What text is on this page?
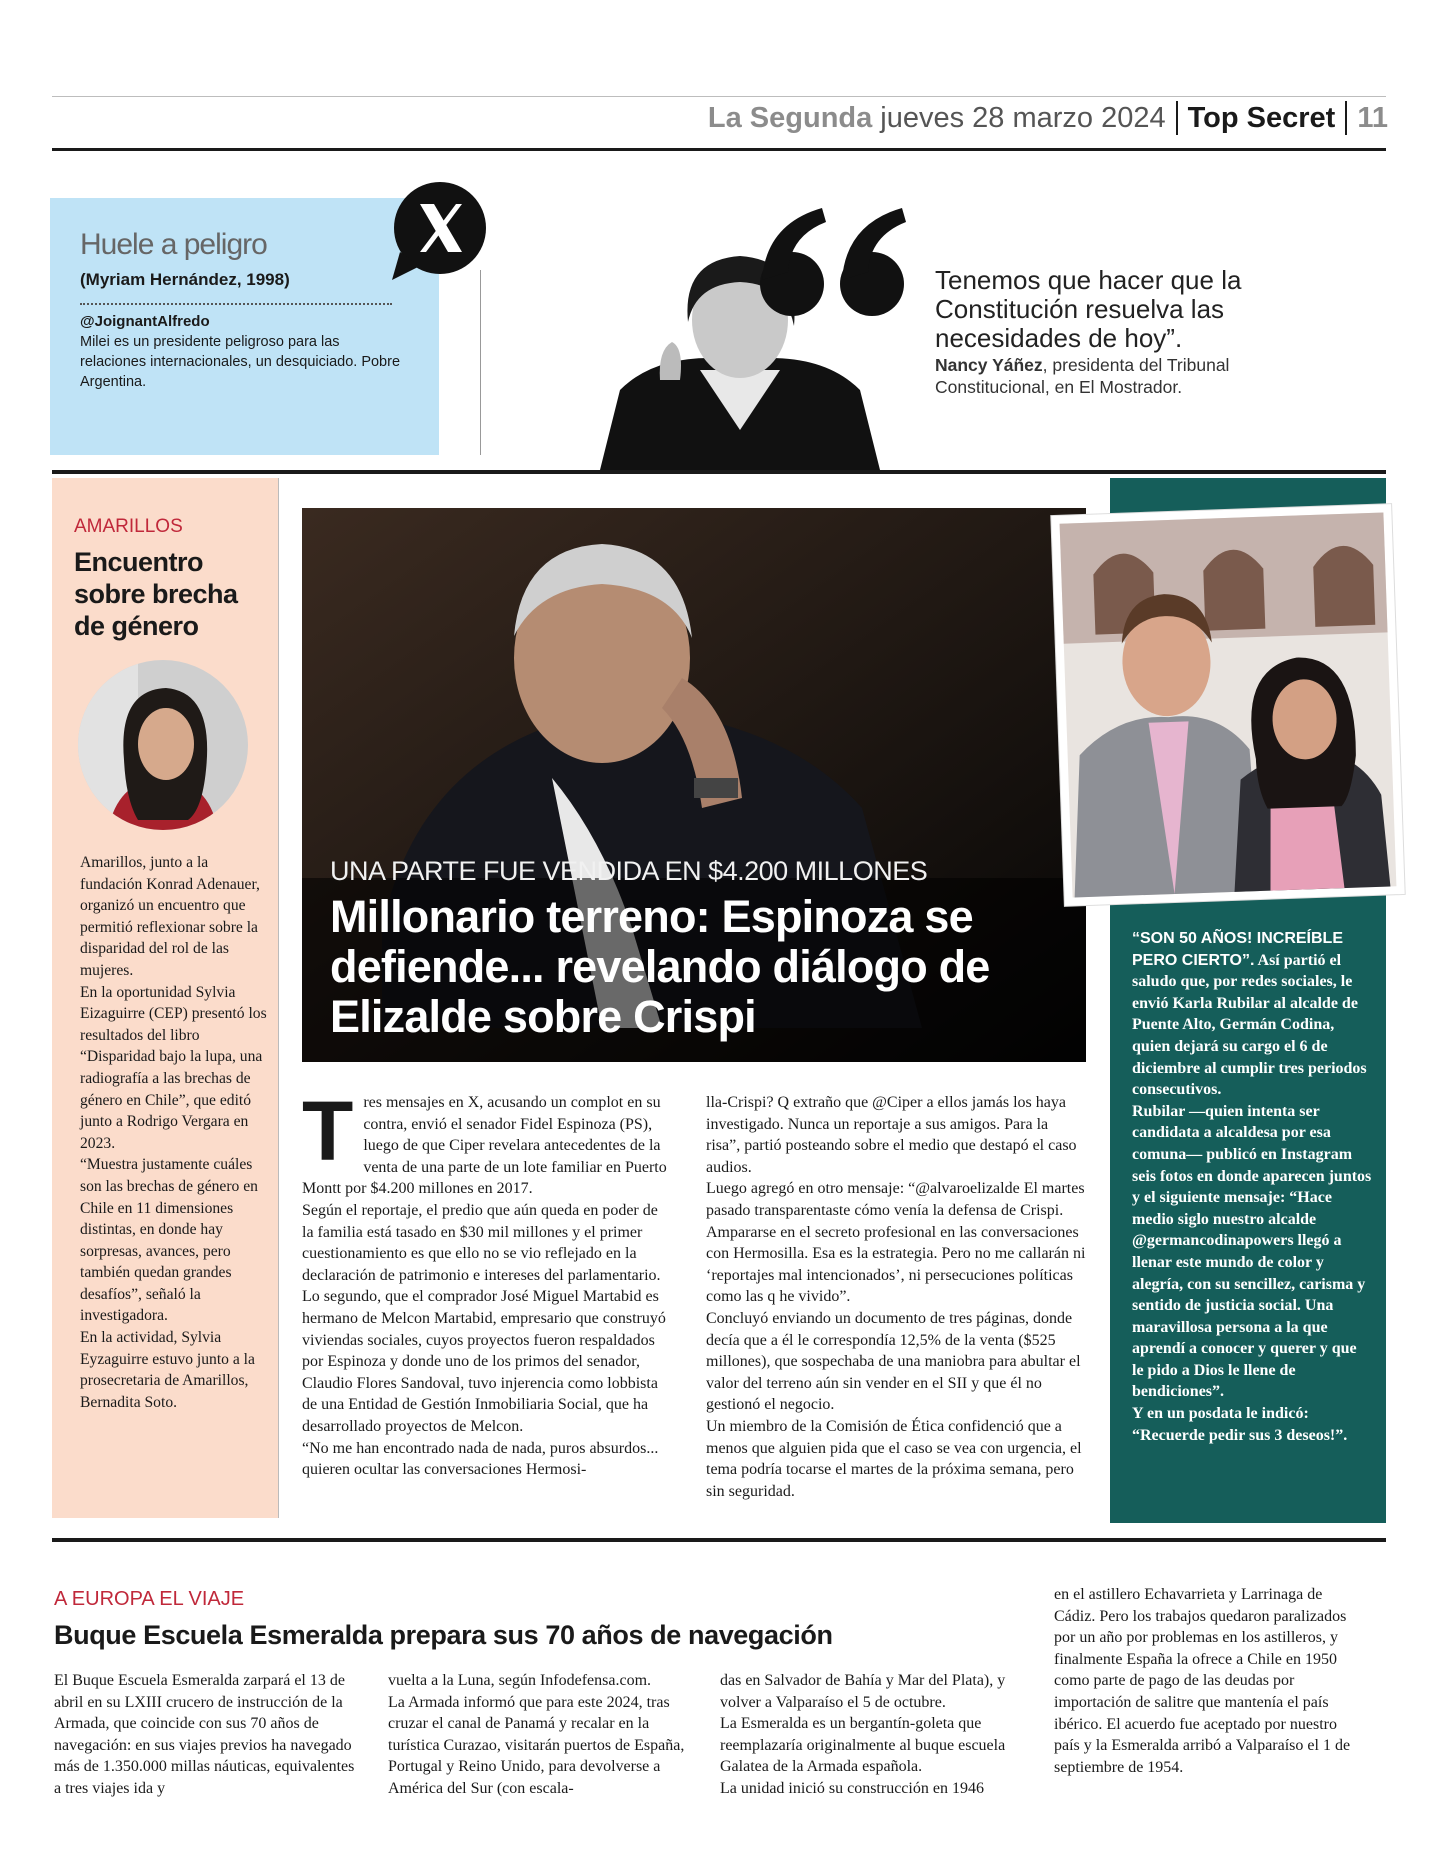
La Segunda jueves 28 marzo 2024 Top Secret 11
Huele a peligro
(Myriam Hernández, 1998)
@JoignantAlfredo
Milei es un presidente peligroso para las relaciones internacionales, un desquiciado. Pobre Argentina.
Tenemos que hacer que la Constitución resuelva las necesidades de hoy”.
Nancy Yáñez, presidenta del Tribunal Constitucional, en El Mostrador.
AMARILLOS
Encuentro sobre brecha de género

Amarillos, junto a la fundación Konrad Adenauer, organizó un encuentro que permitió reflexionar sobre la disparidad del rol de las mujeres.

En la oportunidad Sylvia Eizaguirre (CEP) presentó los resultados del libro “Disparidad bajo la lupa, una radiografía a las brechas de género en Chile”, que editó junto a Rodrigo Vergara en 2023.

“Muestra justamente cuáles son las brechas de género en Chile en 11 dimensiones distintas, en donde hay sorpresas, avances, pero también quedan grandes desafíos”, señaló la investigadora.

En la actividad, Sylvia Eyzaguirre estuvo junto a la prosecretaria de Amarillos, Bernadita Soto.

UNA PARTE FUE VENDIDA EN $4.200 MILLONES
Millonario terreno: Espinoza se defiende... revelando diálogo de Elizalde sobre Crispi
T res mensajes en X, acusando un complot en su contra, envió el senador Fidel Espinoza (PS), luego de que Ciper revelara antecedentes de la venta de una parte de un lote familiar en Puerto Montt por $4.200 millones en 2017.

Según el reportaje, el predio que aún queda en poder de la familia está tasado en $30 mil millones y el primer cuestionamiento es que ello no se vio reflejado en la declaración de patrimonio e intereses del parlamentario. Lo segundo, que el comprador José Miguel Martabid es hermano de Melcon Martabid, empresario que construyó viviendas sociales, cuyos proyectos fueron respaldados por Espinoza y donde uno de los primos del senador, Claudio Flores Sandoval, tuvo injerencia como lobbista de una Entidad de Gestión Inmobiliaria Social, que ha desarrollado proyectos de Melcon.

“No me han encontrado nada de nada, puros absurdos... quieren ocultar las conversaciones Hermosi-

lla-Crispi? Q extraño que @Ciper a ellos jamás los haya investigado. Nunca un reportaje a sus amigos. Para la risa”, partió posteando sobre el medio que destapó el caso audios.

Luego agregó en otro mensaje: “@alvaroelizalde El martes pasado transparentaste cómo venía la defensa de Crispi. Ampararse en el secreto profesional en las conversaciones con Hermosilla. Esa es la estrategia. Pero no me callarán ni ‘reportajes mal intencionados’, ni persecuciones políticas como las q he vivido”.

Concluyó enviando un documento de tres páginas, donde decía que a él le correspondía 12,5% de la venta ($525 millones), que sospechaba de una maniobra para abultar el valor del terreno aún sin vender en el SII y que él no gestionó el negocio.

Un miembro de la Comisión de Ética confidenció que a menos que alguien pida que el caso se vea con urgencia, el tema podría tocarse el martes de la próxima semana, pero sin seguridad.

“SON 50 AÑOS! INCREÍBLE PERO CIERTO”. Así partió el saludo que, por redes sociales, le envió Karla Rubilar al alcalde de Puente Alto, Germán Codina, quien dejará su cargo el 6 de diciembre al cumplir tres periodos consecutivos.

Rubilar —quien intenta ser candidata a alcaldesa por esa comuna— publicó en Instagram seis fotos en donde aparecen juntos y el siguiente mensaje: “Hace medio siglo nuestro alcalde @germancodinapowers llegó a llenar este mundo de color y alegría, con su sencillez, carisma y sentido de justicia social. Una maravillosa persona a la que aprendí a conocer y querer y que le pido a Dios le llene de bendiciones”.

Y en un posdata le indicó: “Recuerde pedir sus 3 deseos!”.

A EUROPA EL VIAJE
Buque Escuela Esmeralda prepara sus 70 años de navegación

El Buque Escuela Esmeralda zarpará el 13 de abril en su LXIII crucero de instrucción de la Armada, que coincide con sus 70 años de navegación: en sus viajes previos ha navegado más de 1.350.000 millas náuticas, equivalentes a tres viajes ida y

vuelta a la Luna, según Infodefensa.com.

La Armada informó que para este 2024, tras cruzar el canal de Panamá y recalar en la turística Curazao, visitarán puertos de España, Portugal y Reino Unido, para devolverse a América del Sur (con escala-

das en Salvador de Bahía y Mar del Plata), y volver a Valparaíso el 5 de octubre.

La Esmeralda es un bergantín-goleta que reemplazaría originalmente al buque escuela Galatea de la Armada española.

La unidad inició su construcción en 1946

en el astillero Echavarrieta y Larrinaga de Cádiz. Pero los trabajos quedaron paralizados por un año por problemas en los astilleros, y finalmente España la ofrece a Chile en 1950 como parte de pago de las deudas por importación de salitre que mantenía el país ibérico. El acuerdo fue aceptado por nuestro país y la Esmeralda arribó a Valparaíso el 1 de septiembre de 1954.
